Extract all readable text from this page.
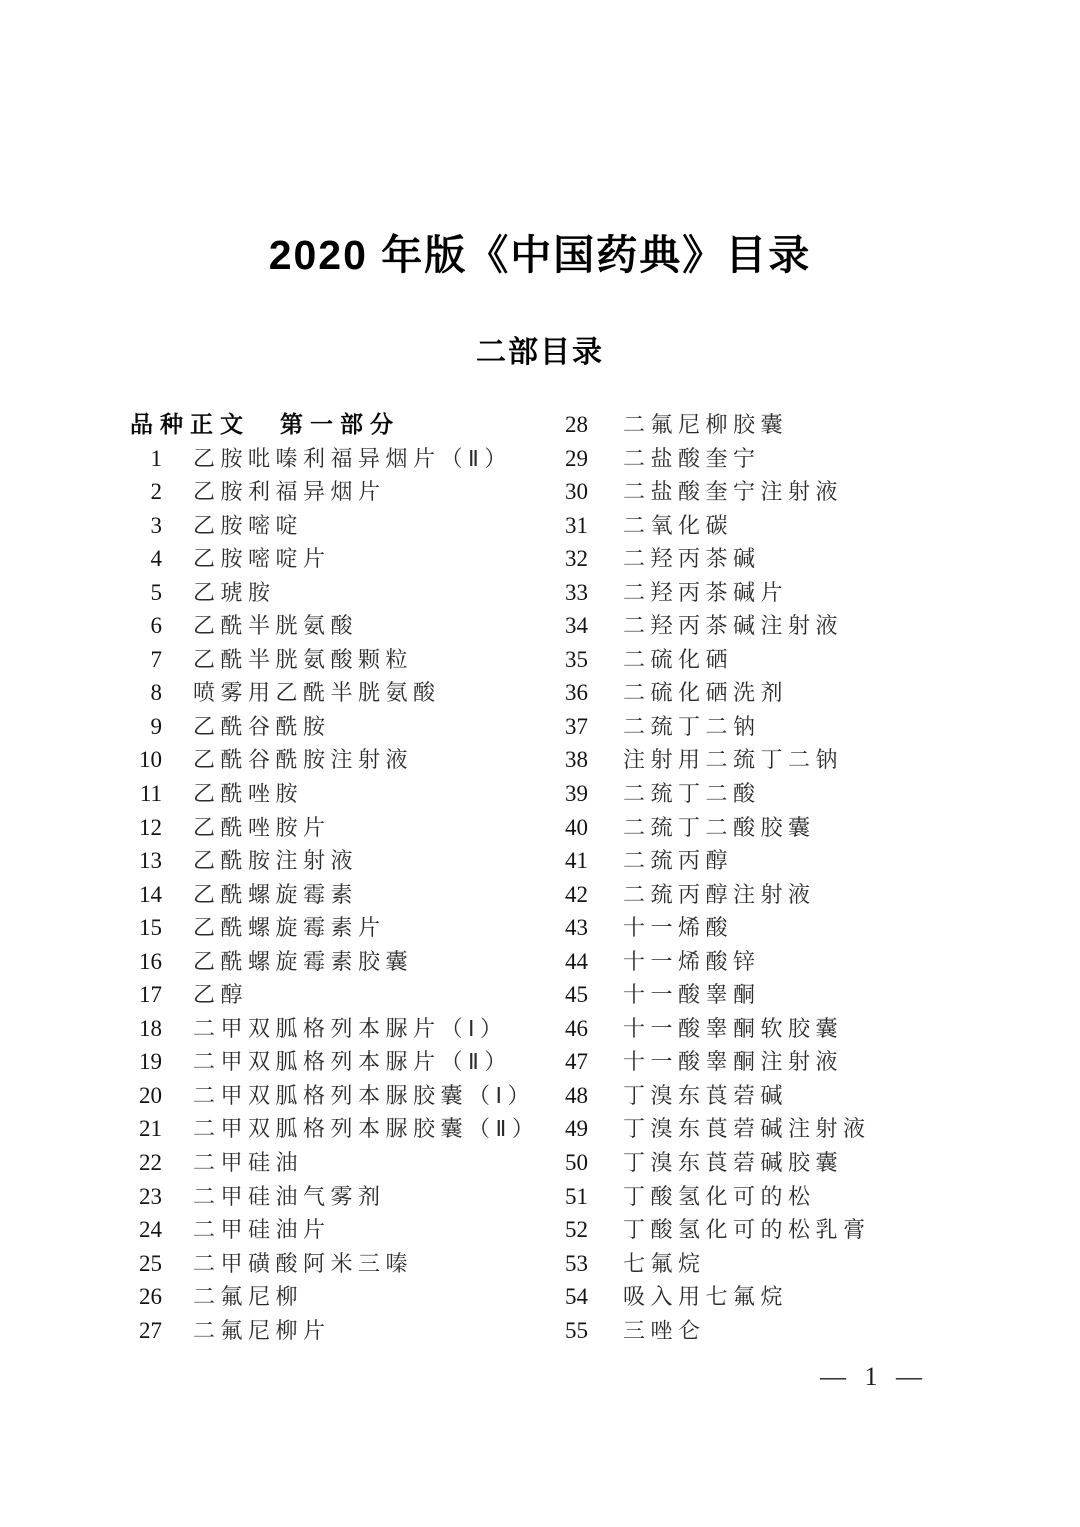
2020 年版《中国药典》目录
二部目录
品种正文　第一部分
1 乙胺吡嗪利福异烟片（Ⅱ）
2 乙胺利福异烟片
3 乙胺嘧啶
4 乙胺嘧啶片
5 乙琥胺
6 乙酰半胱氨酸
7 乙酰半胱氨酸颗粒
8 喷雾用乙酰半胱氨酸
9 乙酰谷酰胺
10 乙酰谷酰胺注射液
11 乙酰唑胺
12 乙酰唑胺片
13 乙酰胺注射液
14 乙酰螺旋霉素
15 乙酰螺旋霉素片
16 乙酰螺旋霉素胶囊
17 乙醇
18 二甲双胍格列本脲片（Ⅰ）
19 二甲双胍格列本脲片（Ⅱ）
20 二甲双胍格列本脲胶囊（Ⅰ）
21 二甲双胍格列本脲胶囊（Ⅱ）
22 二甲硅油
23 二甲硅油气雾剂
24 二甲硅油片
25 二甲磺酸阿米三嗪
26 二氟尼柳
27 二氟尼柳片
28 二氟尼柳胶囊
29 二盐酸奎宁
30 二盐酸奎宁注射液
31 二氧化碳
32 二羟丙茶碱
33 二羟丙茶碱片
34 二羟丙茶碱注射液
35 二硫化硒
36 二硫化硒洗剂
37 二巯丁二钠
38 注射用二巯丁二钠
39 二巯丁二酸
40 二巯丁二酸胶囊
41 二巯丙醇
42 二巯丙醇注射液
43 十一烯酸
44 十一烯酸锌
45 十一酸睾酮
46 十一酸睾酮软胶囊
47 十一酸睾酮注射液
48 丁溴东莨菪碱
49 丁溴东莨菪碱注射液
50 丁溴东莨菪碱胶囊
51 丁酸氢化可的松
52 丁酸氢化可的松乳膏
53 七氟烷
54 吸入用七氟烷
55 三唑仑
— 1 —
